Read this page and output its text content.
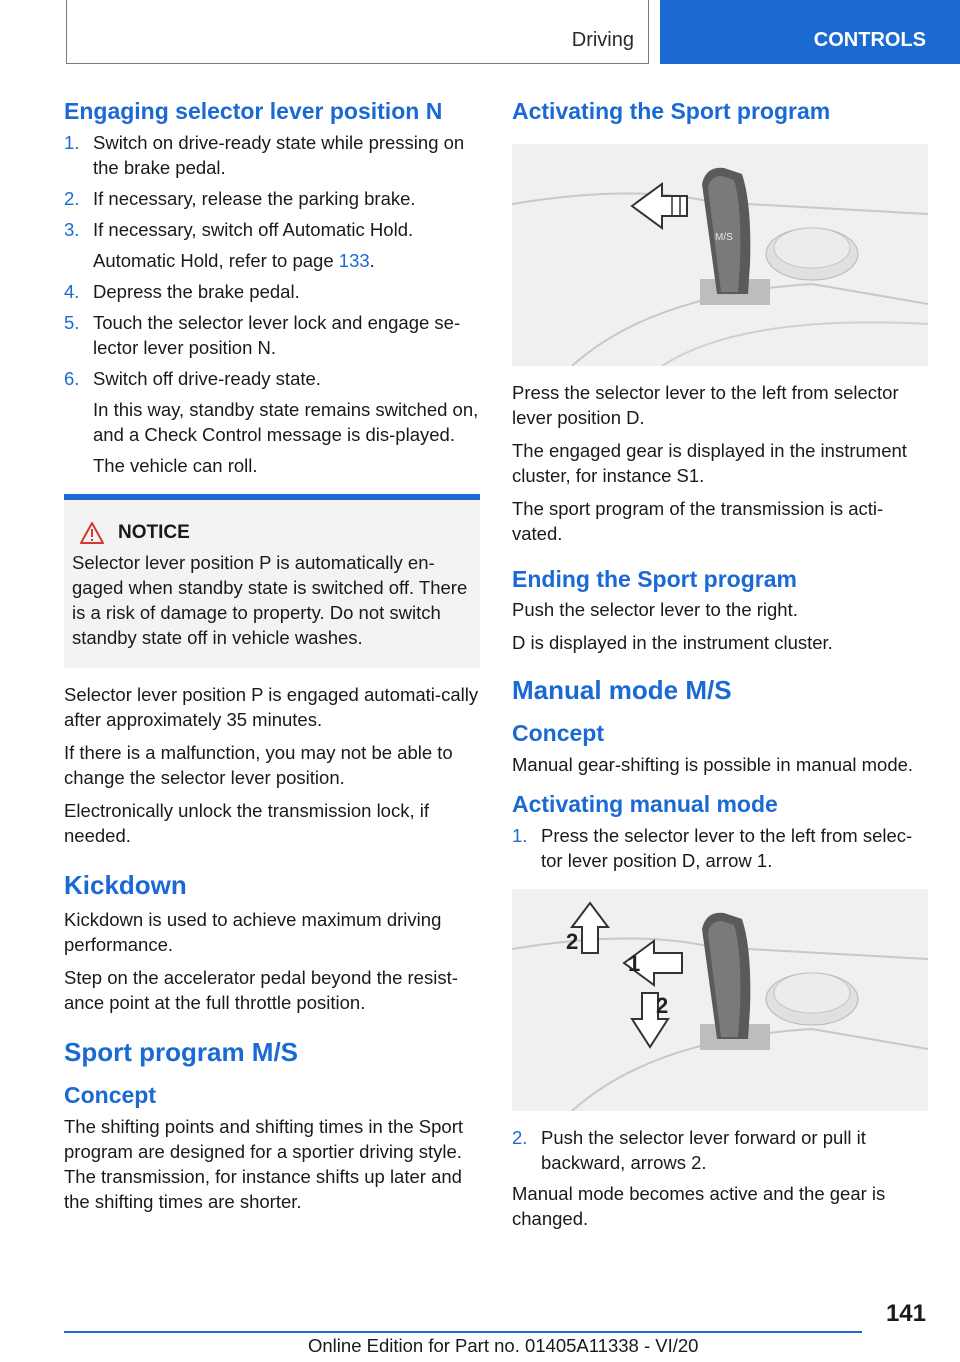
Driving	CONTROLS
Engaging selector lever position N
1. Switch on drive-ready state while pressing on the brake pedal.
2. If necessary, release the parking brake.
3. If necessary, switch off Automatic Hold.
Automatic Hold, refer to page 133.
4. Depress the brake pedal.
5. Touch the selector lever lock and engage se‐lector lever position N.
6. Switch off drive-ready state.
In this way, standby state remains switched on, and a Check Control message is dis‐played.
The vehicle can roll.
NOTICE

Selector lever position P is automatically en‐gaged when standby state is switched off. There is a risk of damage to property. Do not switch standby state off in vehicle washes.

Selector lever position P is engaged automati‐cally after approximately 35 minutes.

If there is a malfunction, you may not be able to change the selector lever position.

Electronically unlock the transmission lock, if needed.

Kickdown

Kickdown is used to achieve maximum driving performance.

Step on the accelerator pedal beyond the resist‐ance point at the full throttle position.

Sport program M/S
Concept

The shifting points and shifting times in the Sport program are designed for a sportier driving style. The transmission, for instance shifts up later and the shifting times are shorter.

Activating the Sport program
M/S

Press the selector lever to the left from selector lever position D.

The engaged gear is displayed in the instrument cluster, for instance S1.

The sport program of the transmission is acti‐vated.

Ending the Sport program

Push the selector lever to the right.

D is displayed in the instrument cluster.

Manual mode M/S
Concept

Manual gear-shifting is possible in manual mode.

Activating manual mode
1. Press the selector lever to the left from selec‐tor lever position D, arrow 1.
1
2
2
2. Push the selector lever forward or pull it backward, arrows 2.

Manual mode becomes active and the gear is changed.

141
Online Edition for Part no. 01405A11338 - VI/20
